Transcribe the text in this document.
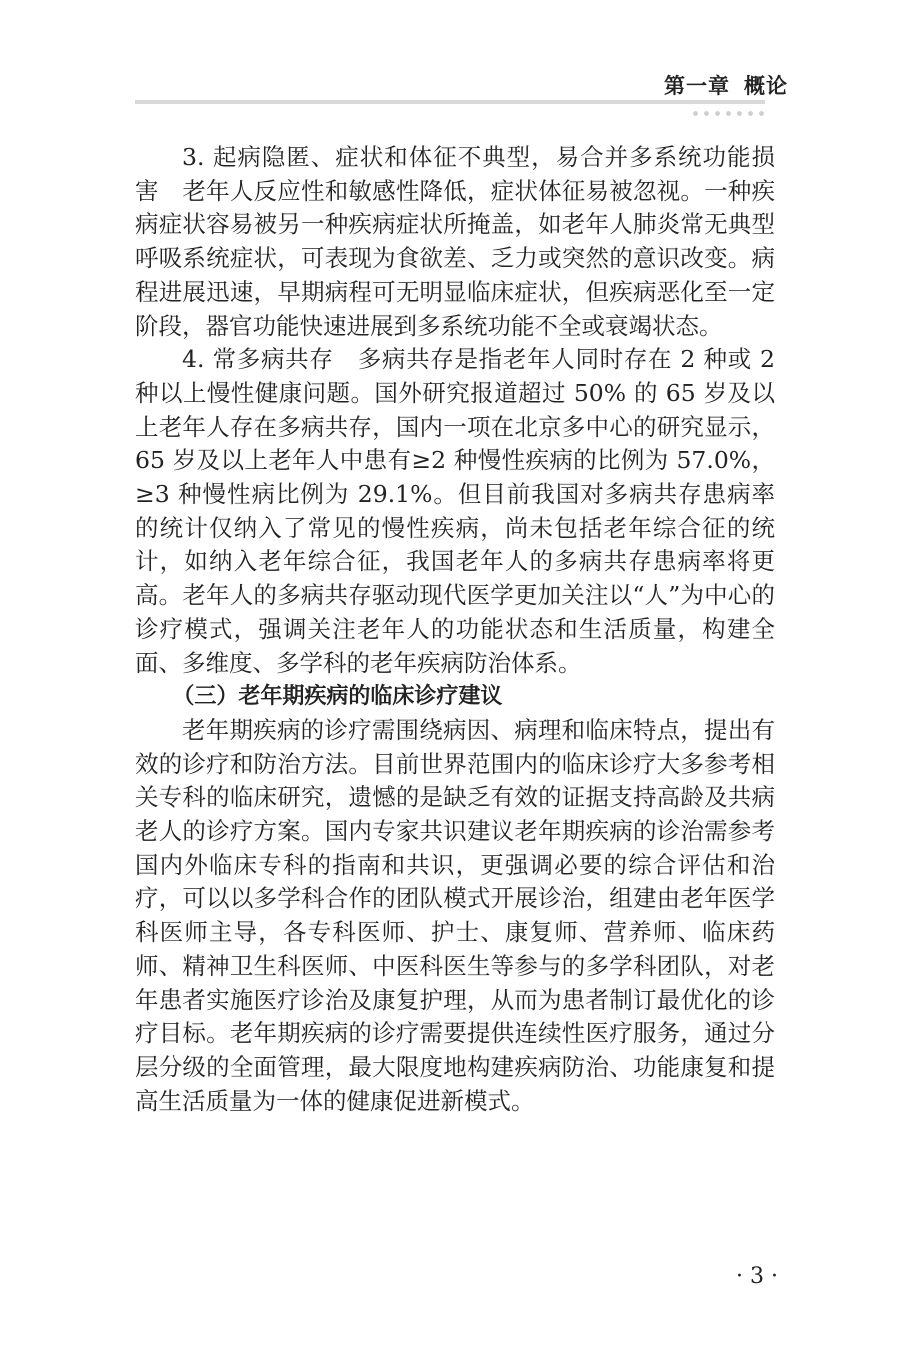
第一章 概论

3. 起病隐匿、症状和体征不典型，易合并多系统功能损害　老年人反应性和敏感性降低，症状体征易被忽视。一种疾病症状容易被另一种疾病症状所掩盖，如老年人肺炎常无典型呼吸系统症状，可表现为食欲差、乏力或突然的意识改变。病程进展迅速，早期病程可无明显临床症状，但疾病恶化至一定阶段，器官功能快速进展到多系统功能不全或衰竭状态。

4. 常多病共存　多病共存是指老年人同时存在 2 种或 2 种以上慢性健康问题。国外研究报道超过 50% 的 65 岁及以上老年人存在多病共存，国内一项在北京多中心的研究显示，65 岁及以上老年人中患有≥2 种慢性疾病的比例为 57.0%，≥3 种慢性病比例为 29.1%。但目前我国对多病共存患病率的统计仅纳入了常见的慢性疾病，尚未包括老年综合征的统计，如纳入老年综合征，我国老年人的多病共存患病率将更高。老年人的多病共存驱动现代医学更加关注以“人”为中心的诊疗模式，强调关注老年人的功能状态和生活质量，构建全面、多维度、多学科的老年疾病防治体系。

（三）老年期疾病的临床诊疗建议

老年期疾病的诊疗需围绕病因、病理和临床特点，提出有效的诊疗和防治方法。目前世界范围内的临床诊疗大多参考相关专科的临床研究，遗憾的是缺乏有效的证据支持高龄及共病老人的诊疗方案。国内专家共识建议老年期疾病的诊治需参考国内外临床专科的指南和共识，更强调必要的综合评估和治疗，可以以多学科合作的团队模式开展诊治，组建由老年医学科医师主导，各专科医师、护士、康复师、营养师、临床药师、精神卫生科医师、中医科医生等参与的多学科团队，对老年患者实施医疗诊治及康复护理，从而为患者制订最优化的诊疗目标。老年期疾病的诊疗需要提供连续性医疗服务，通过分层分级的全面管理，最大限度地构建疾病防治、功能康复和提高生活质量为一体的健康促进新模式。

· 3 ·
